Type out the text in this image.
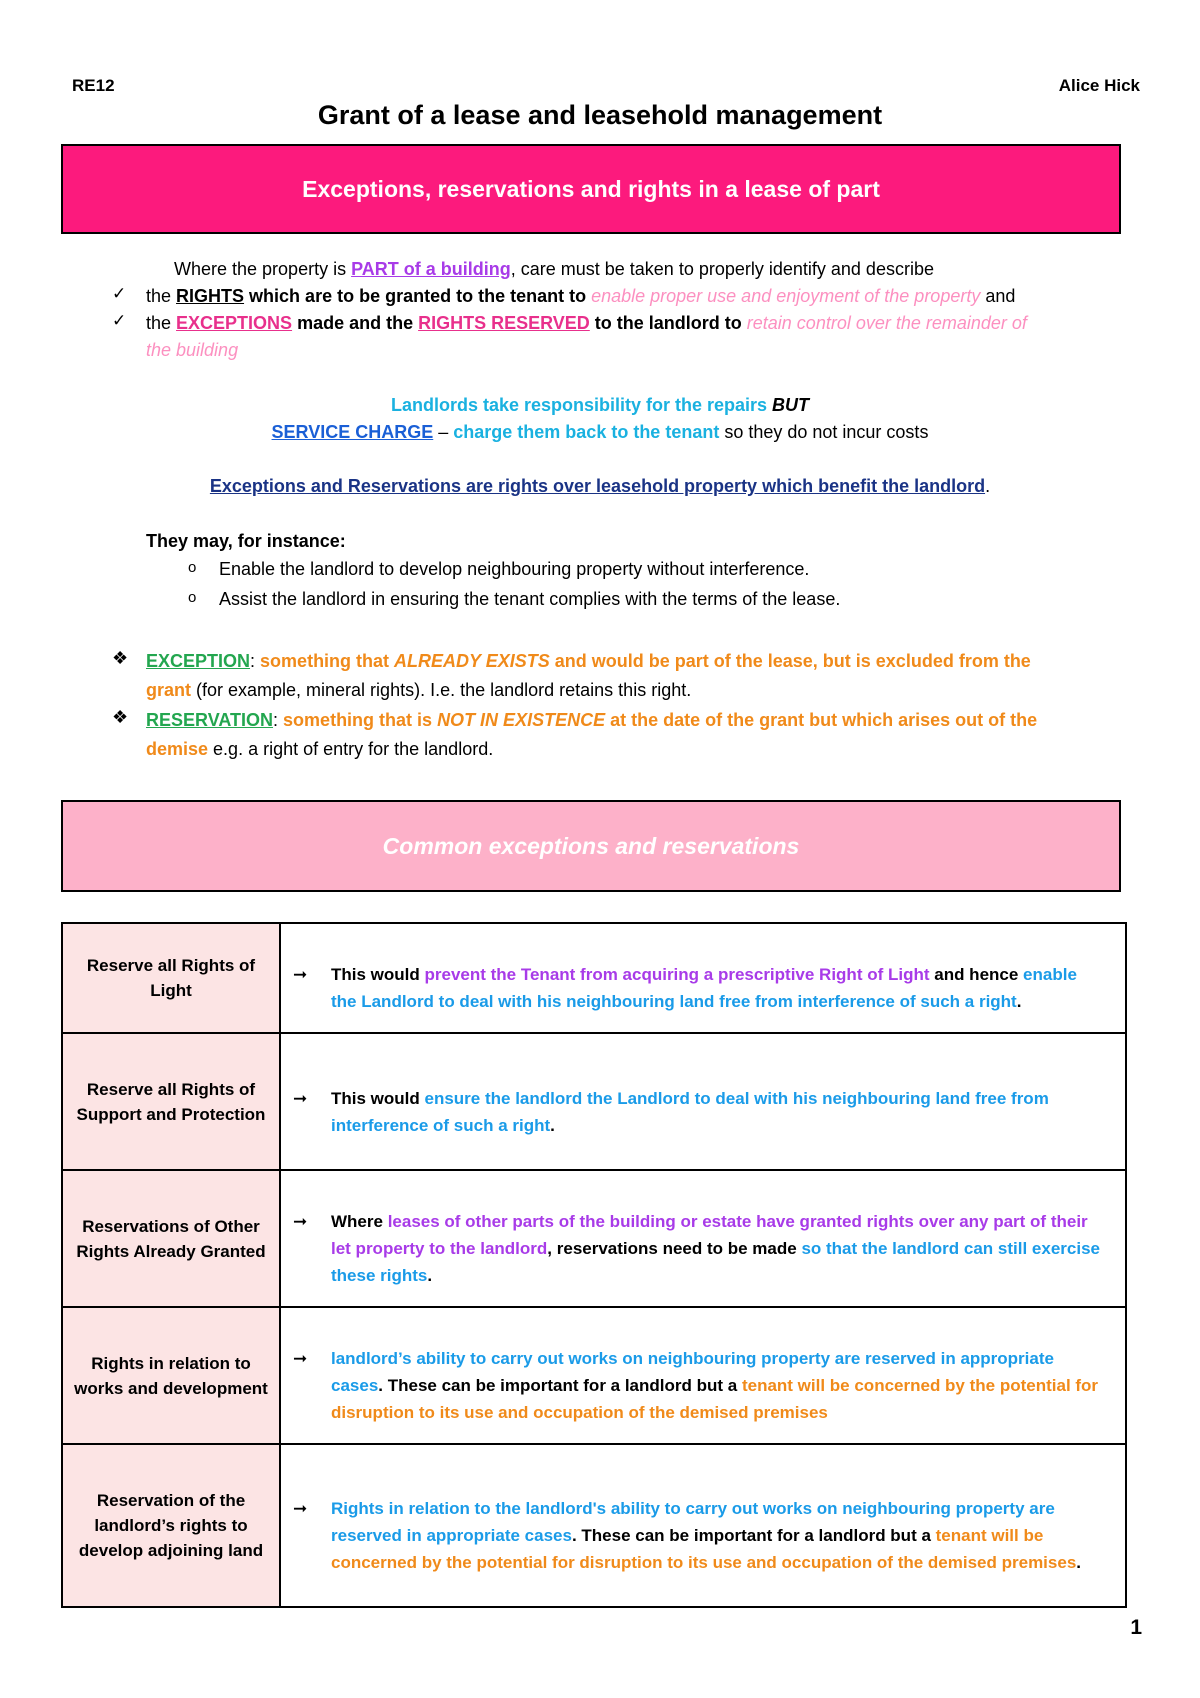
RE12	Alice Hick
Grant of a lease and leasehold management
Exceptions, reservations and rights in a lease of part
Where the property is PART of a building, care must be taken to properly identify and describe
✓ the RIGHTS which are to be granted to the tenant to enable proper use and enjoyment of the property and
✓ the EXCEPTIONS made and the RIGHTS RESERVED to the landlord to retain control over the remainder of
the building
Landlords take responsibility for the repairs BUT
SERVICE CHARGE – charge them back to the tenant so they do not incur costs
Exceptions and Reservations are rights over leasehold property which benefit the landlord.
They may, for instance:
o Enable the landlord to develop neighbouring property without interference.
o Assist the landlord in ensuring the tenant complies with the terms of the lease.
❖ EXCEPTION: something that ALREADY EXISTS and would be part of the lease, but is excluded from the
grant (for example, mineral rights). I.e. the landlord retains this right.
❖ RESERVATION: something that is NOT IN EXISTENCE at the date of the grant but which arises out of the
demise e.g. a right of entry for the landlord.
Common exceptions and reservations
Reserve all Rights of Light	➞ This would prevent the Tenant from acquiring a prescriptive Right of Light and hence enable the Landlord to deal with his neighbouring land free from interference of such a right.
Reserve all Rights of Support and Protection	➞ This would ensure the landlord the Landlord to deal with his neighbouring land free from interference of such a right.
Reservations of Other Rights Already Granted	➞ Where leases of other parts of the building or estate have granted rights over any part of their let property to the landlord, reservations need to be made so that the landlord can still exercise these rights.
Rights in relation to works and development	➞ landlord’s ability to carry out works on neighbouring property are reserved in appropriate cases. These can be important for a landlord but a tenant will be concerned by the potential for disruption to its use and occupation of the demised premises
Reservation of the landlord’s rights to develop adjoining land	➞ Rights in relation to the landlord's ability to carry out works on neighbouring property are reserved in appropriate cases. These can be important for a landlord but a tenant will be concerned by the potential for disruption to its use and occupation of the demised premises.
1
